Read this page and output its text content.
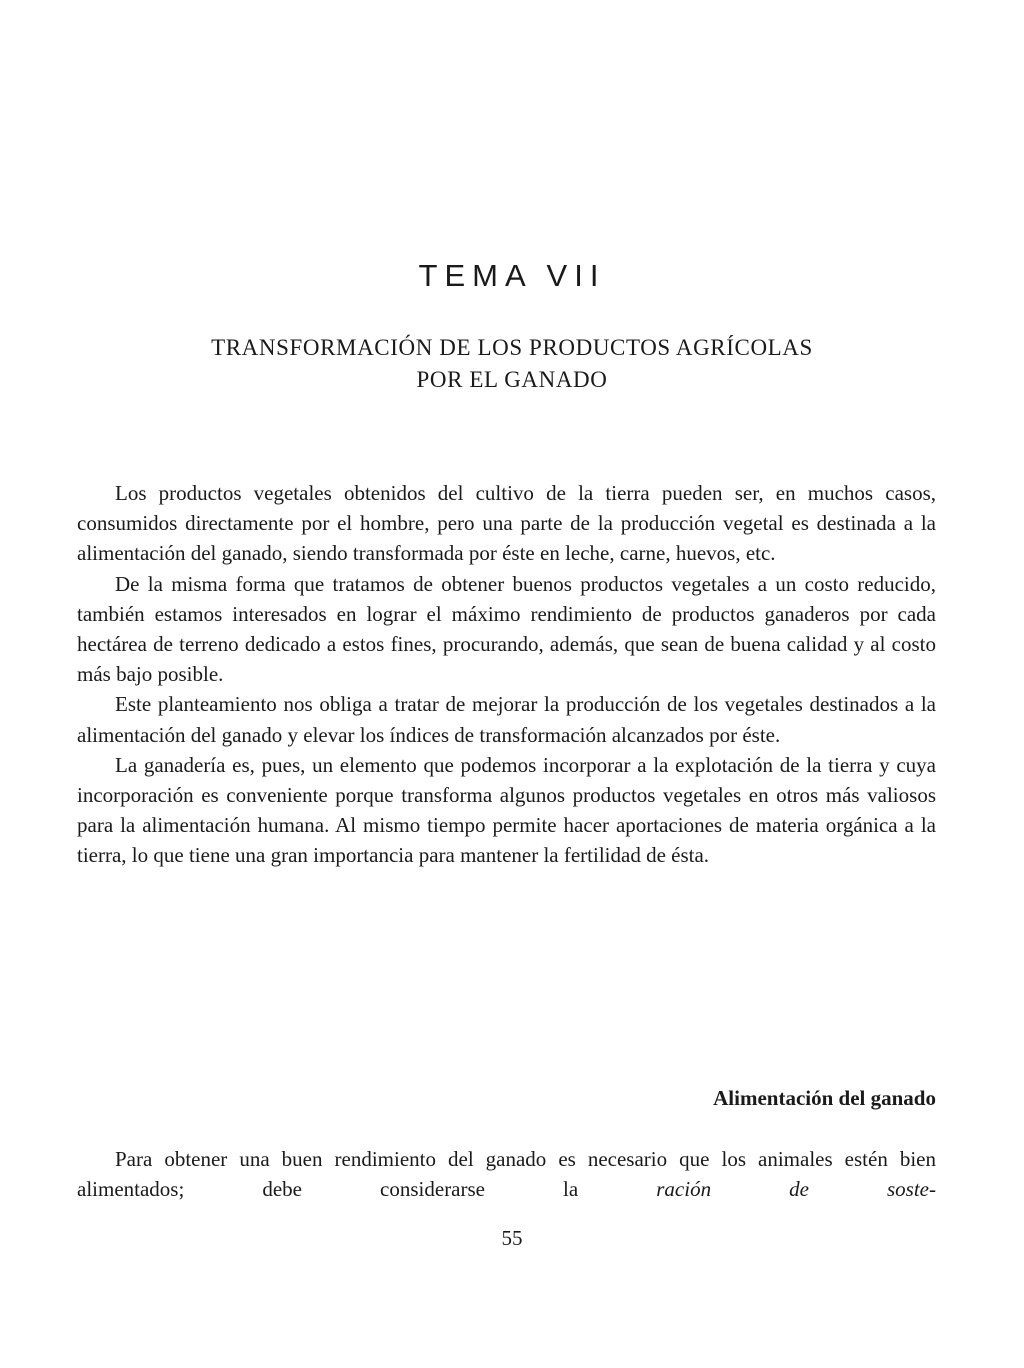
TEMA VII
TRANSFORMACIÓN DE LOS PRODUCTOS AGRÍCOLAS
POR EL GANADO

Los productos vegetales obtenidos del cultivo de la tierra pueden ser, en muchos casos, consumidos directamente por el hombre, pero una parte de la producción vegetal es destinada a la alimentación del ganado, siendo transformada por éste en leche, carne, huevos, etc.

De la misma forma que tratamos de obtener buenos productos vegetales a un costo reducido, también estamos interesados en lograr el máximo rendimiento de productos ganaderos por cada hectárea de terreno dedicado a estos fines, procurando, además, que sean de buena calidad y al costo más bajo posible.

Este planteamiento nos obliga a tratar de mejorar la producción de los vegetales destinados a la alimentación del ganado y elevar los índices de transformación alcanzados por éste.

La ganadería es, pues, un elemento que podemos incorporar a la explotación de la tierra y cuya incorporación es conveniente porque transforma algunos productos vegetales en otros más valiosos para la alimentación humana. Al mismo tiempo permite hacer aportaciones de materia orgánica a la tierra, lo que tiene una gran importancia para mantener la fertilidad de ésta.

Alimentación del ganado

Para obtener una buen rendimiento del ganado es necesario que los animales estén bien alimentados; debe considerarse la	ración de soste-

55
